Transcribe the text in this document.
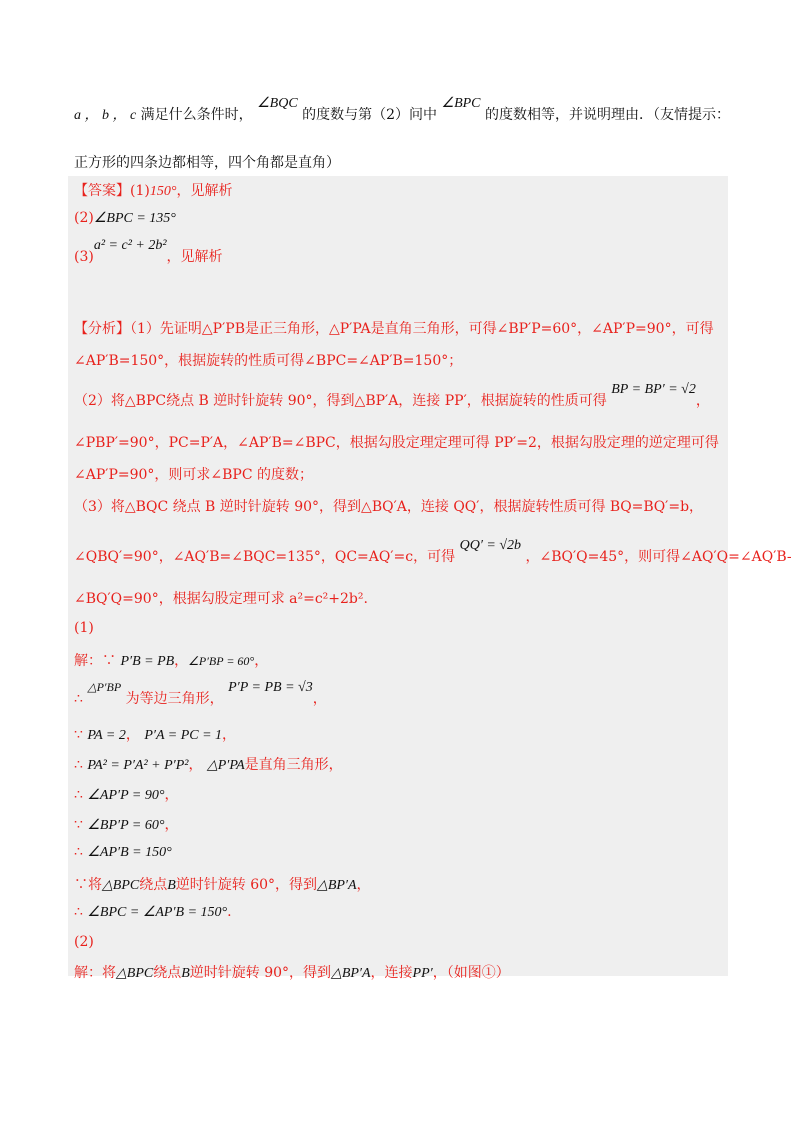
a ， b ， c 满足什么条件时， ∠BQC 的度数与第（2）问中 ∠BPC 的度数相等，并说明理由．（友情提示：
正方形的四条边都相等，四个角都是直角）
【答案】(1)150°，见解析
(2)∠BPC = 135°
(3)a² = c² + 2b²，见解析
【分析】（1）先证明△P′PB是正三角形，△P′PA是直角三角形，可得∠BP′P=60°，∠AP′P=90°，可得
∠AP′B=150°，根据旋转的性质可得∠BPC=∠AP′B=150°；
（2）将△BPC绕点 B 逆时针旋转 90°，得到△BP′A，连接 PP′，根据旋转的性质可得 BP = BP′ = √2，
∠PBP′=90°，PC=P′A，∠AP′B=∠BPC，根据勾股定理定理可得 PP′=2，根据勾股定理的逆定理可得
∠AP′P=90°，则可求∠BPC 的度数；
（3）将△BQC 绕点 B 逆时针旋转 90°，得到△BQ′A，连接 QQ′，根据旋转性质可得 BQ=BQ′=b，
∠QBQ′=90°，∠AQ′B=∠BQC=135°，QC=AQ′=c，可得 QQ′ = √2b ，∠BQ′Q=45°，则可得∠AQ′Q=∠AQ′B-
∠BQ′Q=90°，根据勾股定理可求 a²=c²+2b².
(1)
解：∵ P′B = PB，∠P′BP = 60°，
∴ △P′BP 为等边三角形， P′P = PB = √3，
∵ PA = 2， P′A = PC = 1，
∴ PA² = P′A² + P′P²， △P′PA是直角三角形，
∴ ∠AP′P = 90°，
∵ ∠BP′P = 60°，
∴ ∠AP′B = 150°
∵将△BPC绕点B逆时针旋转 60°，得到△BP′A，
∴ ∠BPC = ∠AP′B = 150°.
(2)
解：将△BPC绕点B逆时针旋转 90°，得到△BP′A，连接PP′，（如图①）
